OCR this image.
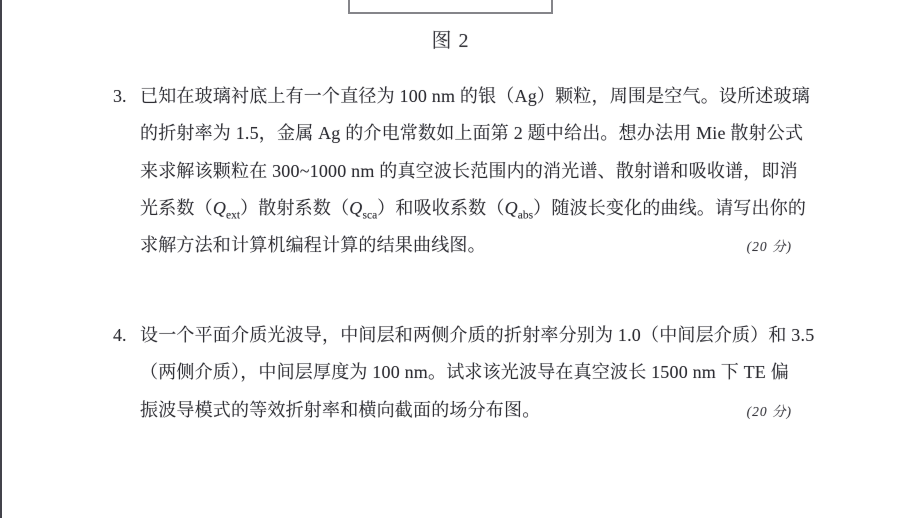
图 2
3. 已知在玻璃衬底上有一个直径为 100 nm 的银（Ag）颗粒，周围是空气。设所述玻璃
的折射率为 1.5，金属 Ag 的介电常数如上面第 2 题中给出。想办法用 Mie 散射公式
来求解该颗粒在 300~1000 nm 的真空波长范围内的消光谱、散射谱和吸收谱，即消
光系数$(Q_{ext})$散射系数$(Q_{sca})$和吸收系数$(Q_{abs})$随波长变化的曲线。请写出你的
求解方法和计算机编程计算的结果曲线图。	(20 分)
4. 设一个平面介质光波导，中间层和两侧介质的折射率分别为 1.0（中间层介质）和 3.5
（两侧介质），中间层厚度为 100 nm。试求该光波导在真空波长 1500 nm 下 TE 偏
振波导模式的等效折射率和横向截面的场分布图。	(20 分)
